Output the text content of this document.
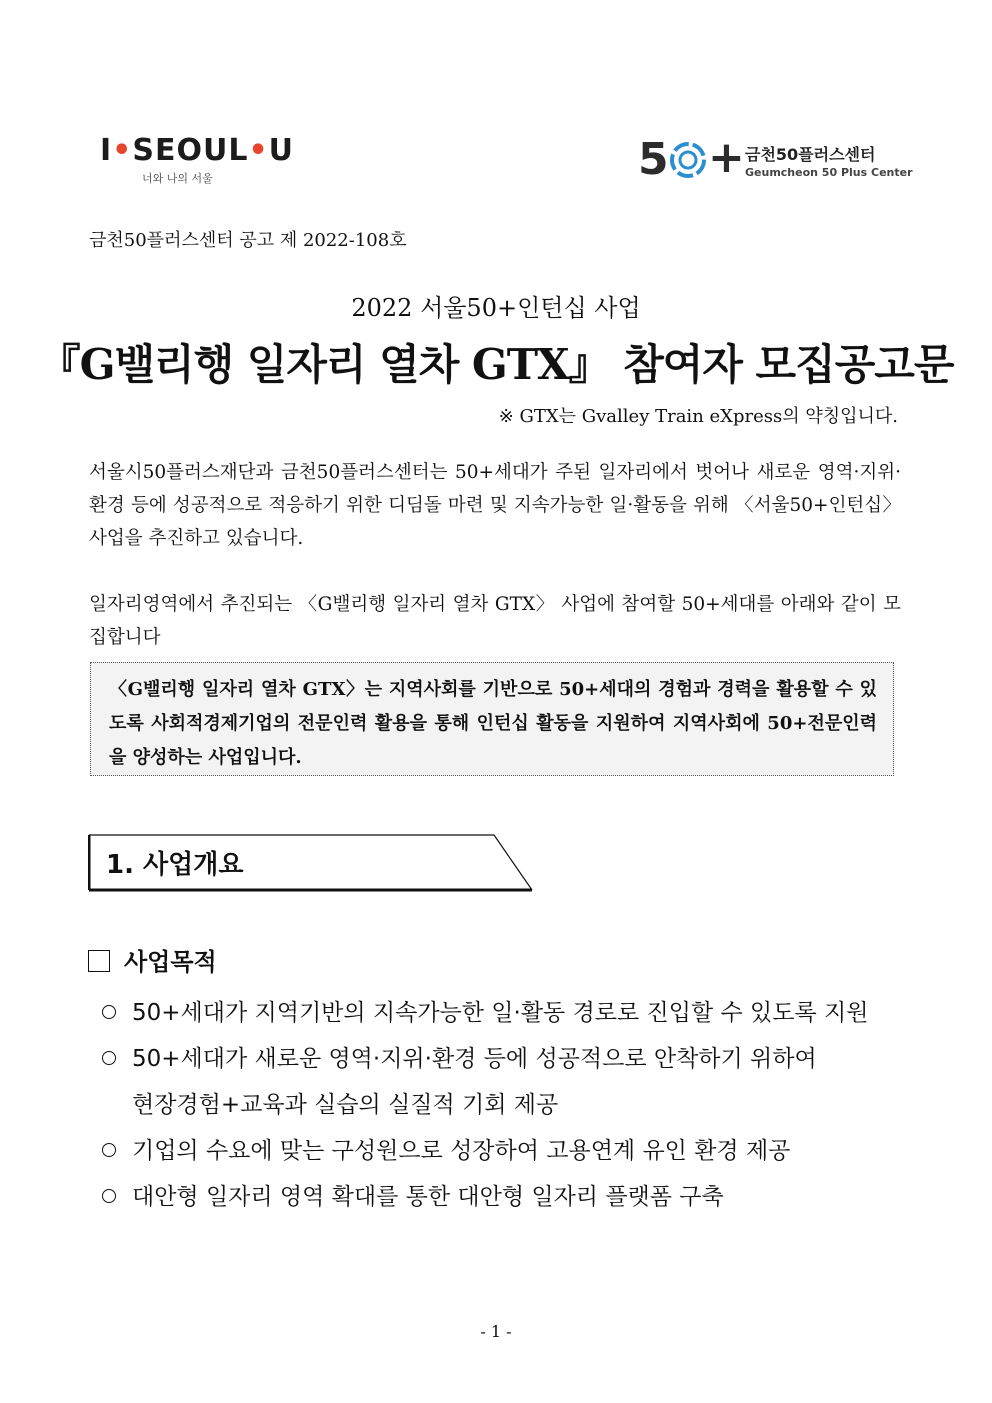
I•SEOUL•U
너와 나의 서울	5 + 금천50플러스센터
Geumcheon 50 Plus Center
금천50플러스센터 공고 제 2022-108호
2022 서울50+인턴십 사업
『G밸리행 일자리 열차 GTX』 참여자 모집공고문
※ GTX는 Gvalley Train eXpress의 약칭입니다.
서울시50플러스재단과 금천50플러스센터는 50+세대가 주된 일자리에서 벗어나 새로운 영역·지위·환경 등에 성공적으로 적응하기 위한 디딤돌 마련 및 지속가능한 일·활동을 위해 〈서울50+인턴십〉 사업을 추진하고 있습니다.
일자리영역에서 추진되는 〈G밸리행 일자리 열차 GTX〉 사업에 참여할 50+세대를 아래와 같이 모집합니다
〈G밸리행 일자리 열차 GTX〉는 지역사회를 기반으로 50+세대의 경험과 경력을 활용할 수 있도록 사회적경제기업의 전문인력 활용을 통해 인턴십 활동을 지원하여 지역사회에 50+전문인력을 양성하는 사업입니다.
1. 사업개요
사업목적
50+세대가 지역기반의 지속가능한 일·활동 경로로 진입할 수 있도록 지원
50+세대가 새로운 영역·지위·환경 등에 성공적으로 안착하기 위하여
현장경험+교육과 실습의 실질적 기회 제공
기업의 수요에 맞는 구성원으로 성장하여 고용연계 유인 환경 제공
대안형 일자리 영역 확대를 통한 대안형 일자리 플랫폼 구축
- 1 -
